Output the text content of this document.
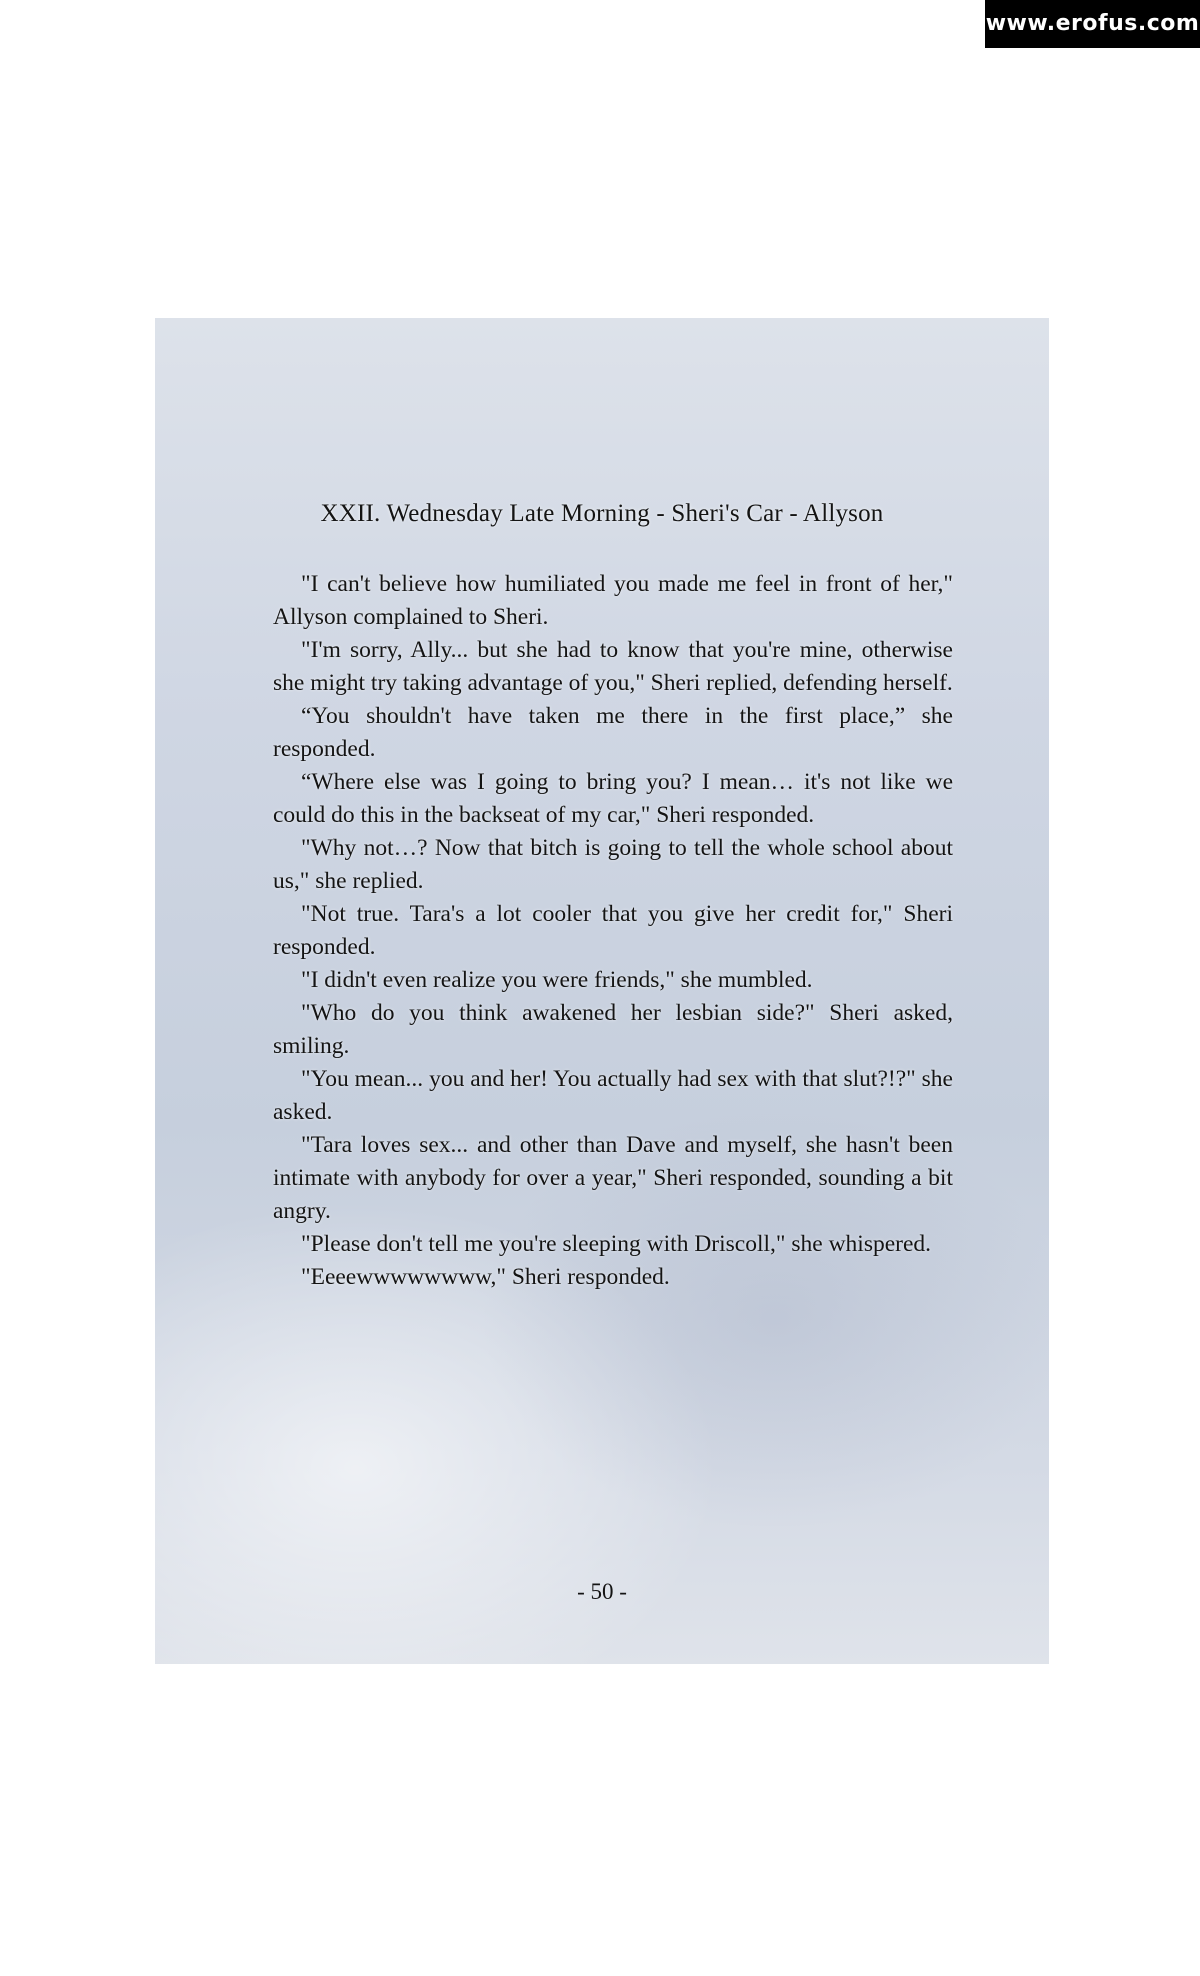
www.erofus.com
XXII. Wednesday Late Morning - Sheri's Car - Allyson

"I can't believe how humiliated you made me feel in front of her," Allyson complained to Sheri.

"I'm sorry, Ally... but she had to know that you're mine, otherwise she might try taking advantage of you," Sheri replied, defending herself.

“You shouldn't have taken me there in the first place,” she responded.

“Where else was I going to bring you? I mean… it's not like we could do this in the backseat of my car," Sheri responded.

"Why not…? Now that bitch is going to tell the whole school about us," she replied.

"Not true. Tara's a lot cooler that you give her credit for," Sheri responded.

"I didn't even realize you were friends," she mumbled.

"Who do you think awakened her lesbian side?" Sheri asked, smiling.

"You mean... you and her! You actually had sex with that slut?!?" she asked.

"Tara loves sex... and other than Dave and myself, she hasn't been intimate with anybody for over a year," Sheri responded, sounding a bit angry.

"Please don't tell me you're sleeping with Driscoll," she whispered.

"Eeeewwwwwwww," Sheri responded.

- 50 -
